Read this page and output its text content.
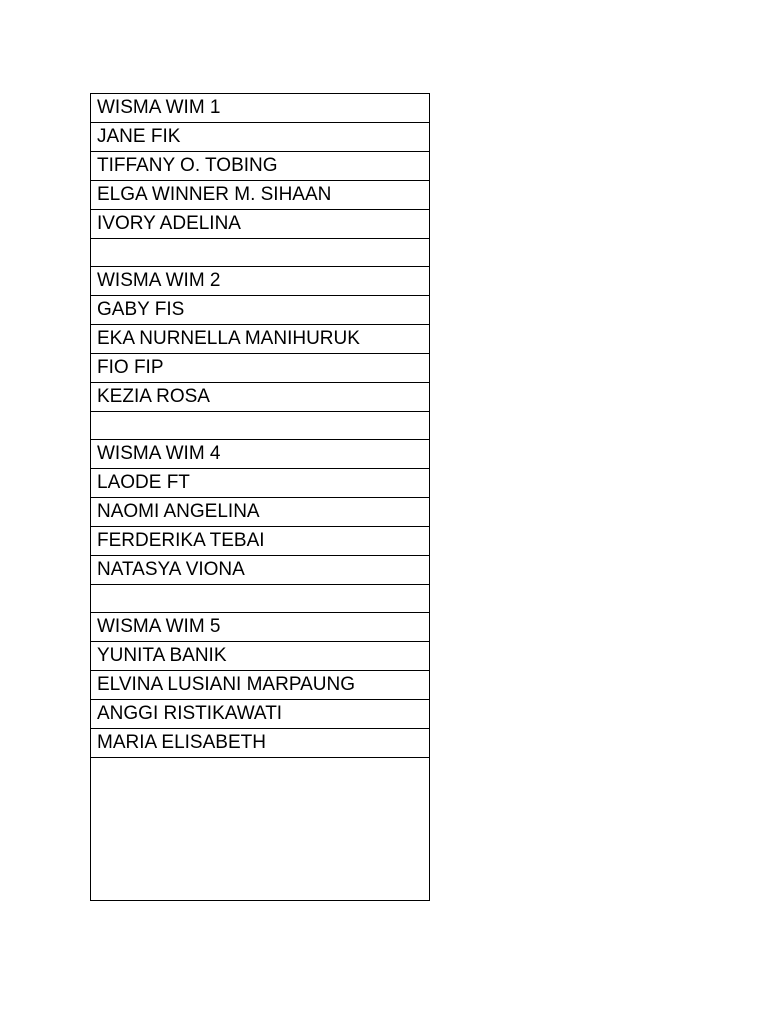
WISMA WIM 1
JANE FIK
TIFFANY O. TOBING
ELGA WINNER M. SIHAAN
IVORY ADELINA

WISMA WIM 2
GABY FIS
EKA NURNELLA MANIHURUK
FIO FIP
KEZIA ROSA

WISMA WIM 4
LAODE FT
NAOMI ANGELINA
FERDERIKA TEBAI
NATASYA VIONA

WISMA WIM 5
YUNITA BANIK
ELVINA LUSIANI MARPAUNG
ANGGI RISTIKAWATI
MARIA ELISABETH
